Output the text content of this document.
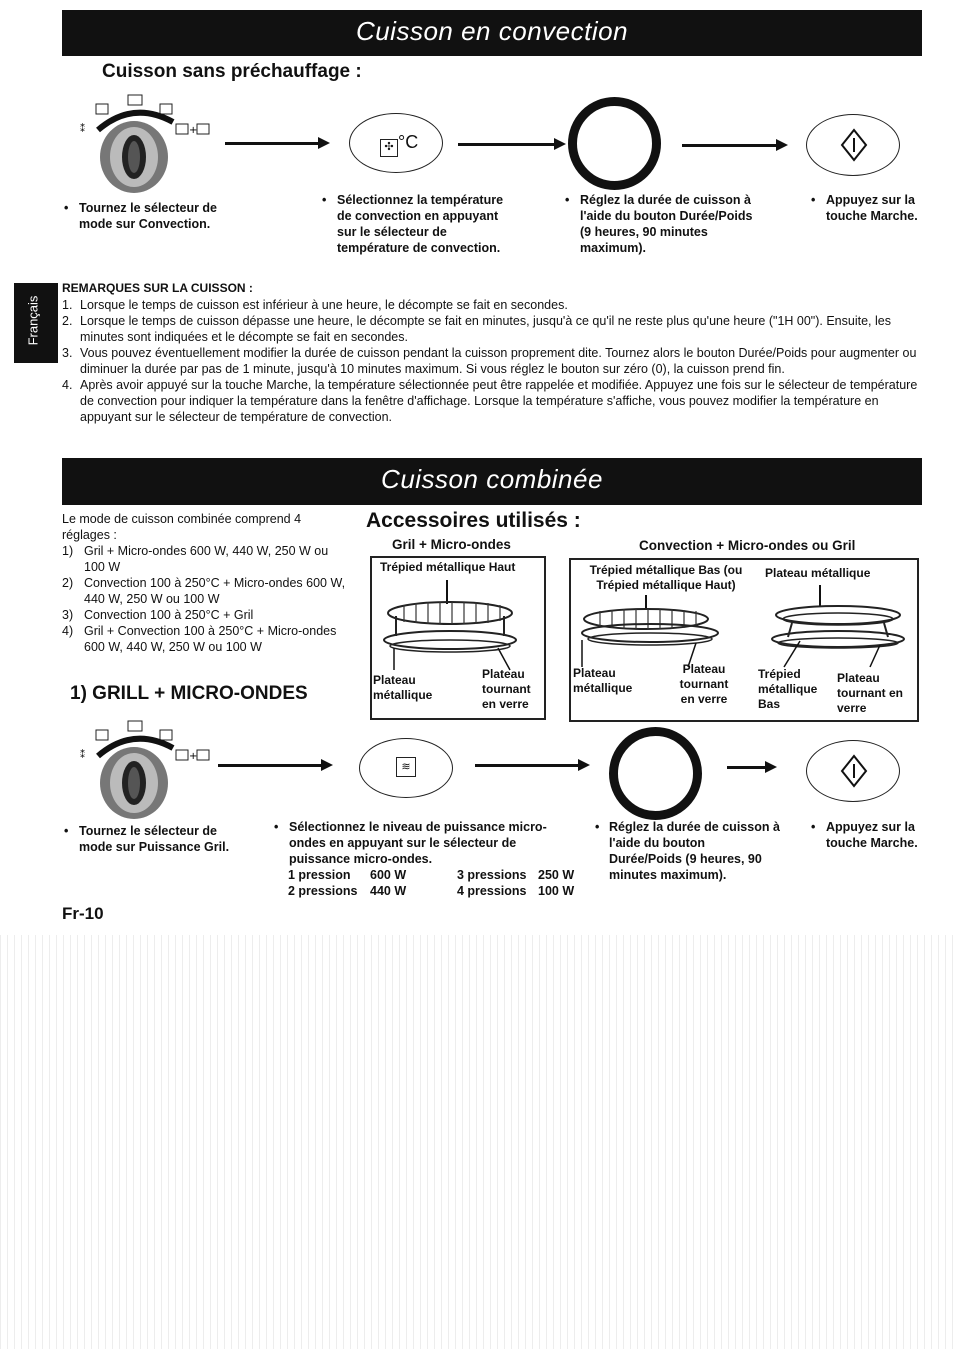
Cuisson en convection
Cuisson sans préchauffage :
+
⁑
✣ °C
• Tournez le sélecteur de mode sur Convection.
• Sélectionnez la température de convection en appuyant sur le sélecteur de température de convection.
• Réglez la durée de cuisson à l'aide du bouton Durée/Poids (9 heures, 90 minutes maximum).
• Appuyez sur la touche Marche.
Français
REMARQUES SUR LA CUISSON :
1. Lorsque le temps de cuisson est inférieur à une heure, le décompte se fait en secondes.
2. Lorsque le temps de cuisson dépasse une heure, le décompte se fait en minutes, jusqu'à ce qu'il ne reste plus qu'une heure ("1H 00"). Ensuite, les minutes sont indiquées et le décompte se fait en secondes.
3. Vous pouvez éventuellement modifier la durée de cuisson pendant la cuisson proprement dite. Tournez alors le bouton Durée/Poids pour augmenter ou diminuer la durée par pas de 1 minute, jusqu'à 10 minutes maximum. Si vous réglez le bouton sur zéro (0), la cuisson prend fin.
4. Après avoir appuyé sur la touche Marche, la température sélectionnée peut être rappelée et modifiée. Appuyez une fois sur le sélecteur de température de convection pour indiquer la température dans la fenêtre d'affichage. Lorsque la température s'affiche, vous pouvez modifier la température en appuyant sur le sélecteur de température de convection.
Cuisson combinée
Le mode de cuisson combinée comprend 4 réglages :
1) Gril + Micro-ondes 600 W, 440 W, 250 W ou 100 W
2) Convection 100 à 250°C + Micro-ondes 600 W, 440 W, 250 W ou 100 W
3) Convection 100 à 250°C + Gril
4) Gril + Convection 100 à 250°C + Micro-ondes 600 W, 440 W, 250 W ou 100 W
Accessoires utilisés :
Gril + Micro-ondes
Trépied métallique Haut
Plateau métallique
Plateau tournant en verre
Convection + Micro-ondes ou Gril
Trépied métallique Bas (ou Trépied métallique Haut)
Plateau métallique
Plateau métallique
Plateau tournant en verre
Trépied métallique Bas
Plateau tournant en verre
1) GRILL + MICRO-ONDES
+
⁑
≋
• Tournez le sélecteur de mode sur Puissance Gril.
• Sélectionnez le niveau de puissance micro-ondes en appuyant sur le sélecteur de puissance micro-ondes.
1 pression 600 W
2 pressions 440 W
3 pressions 250 W
4 pressions 100 W
• Réglez la durée de cuisson à l'aide du bouton Durée/Poids (9 heures, 90 minutes maximum).
• Appuyez sur la touche Marche.
Fr-10
